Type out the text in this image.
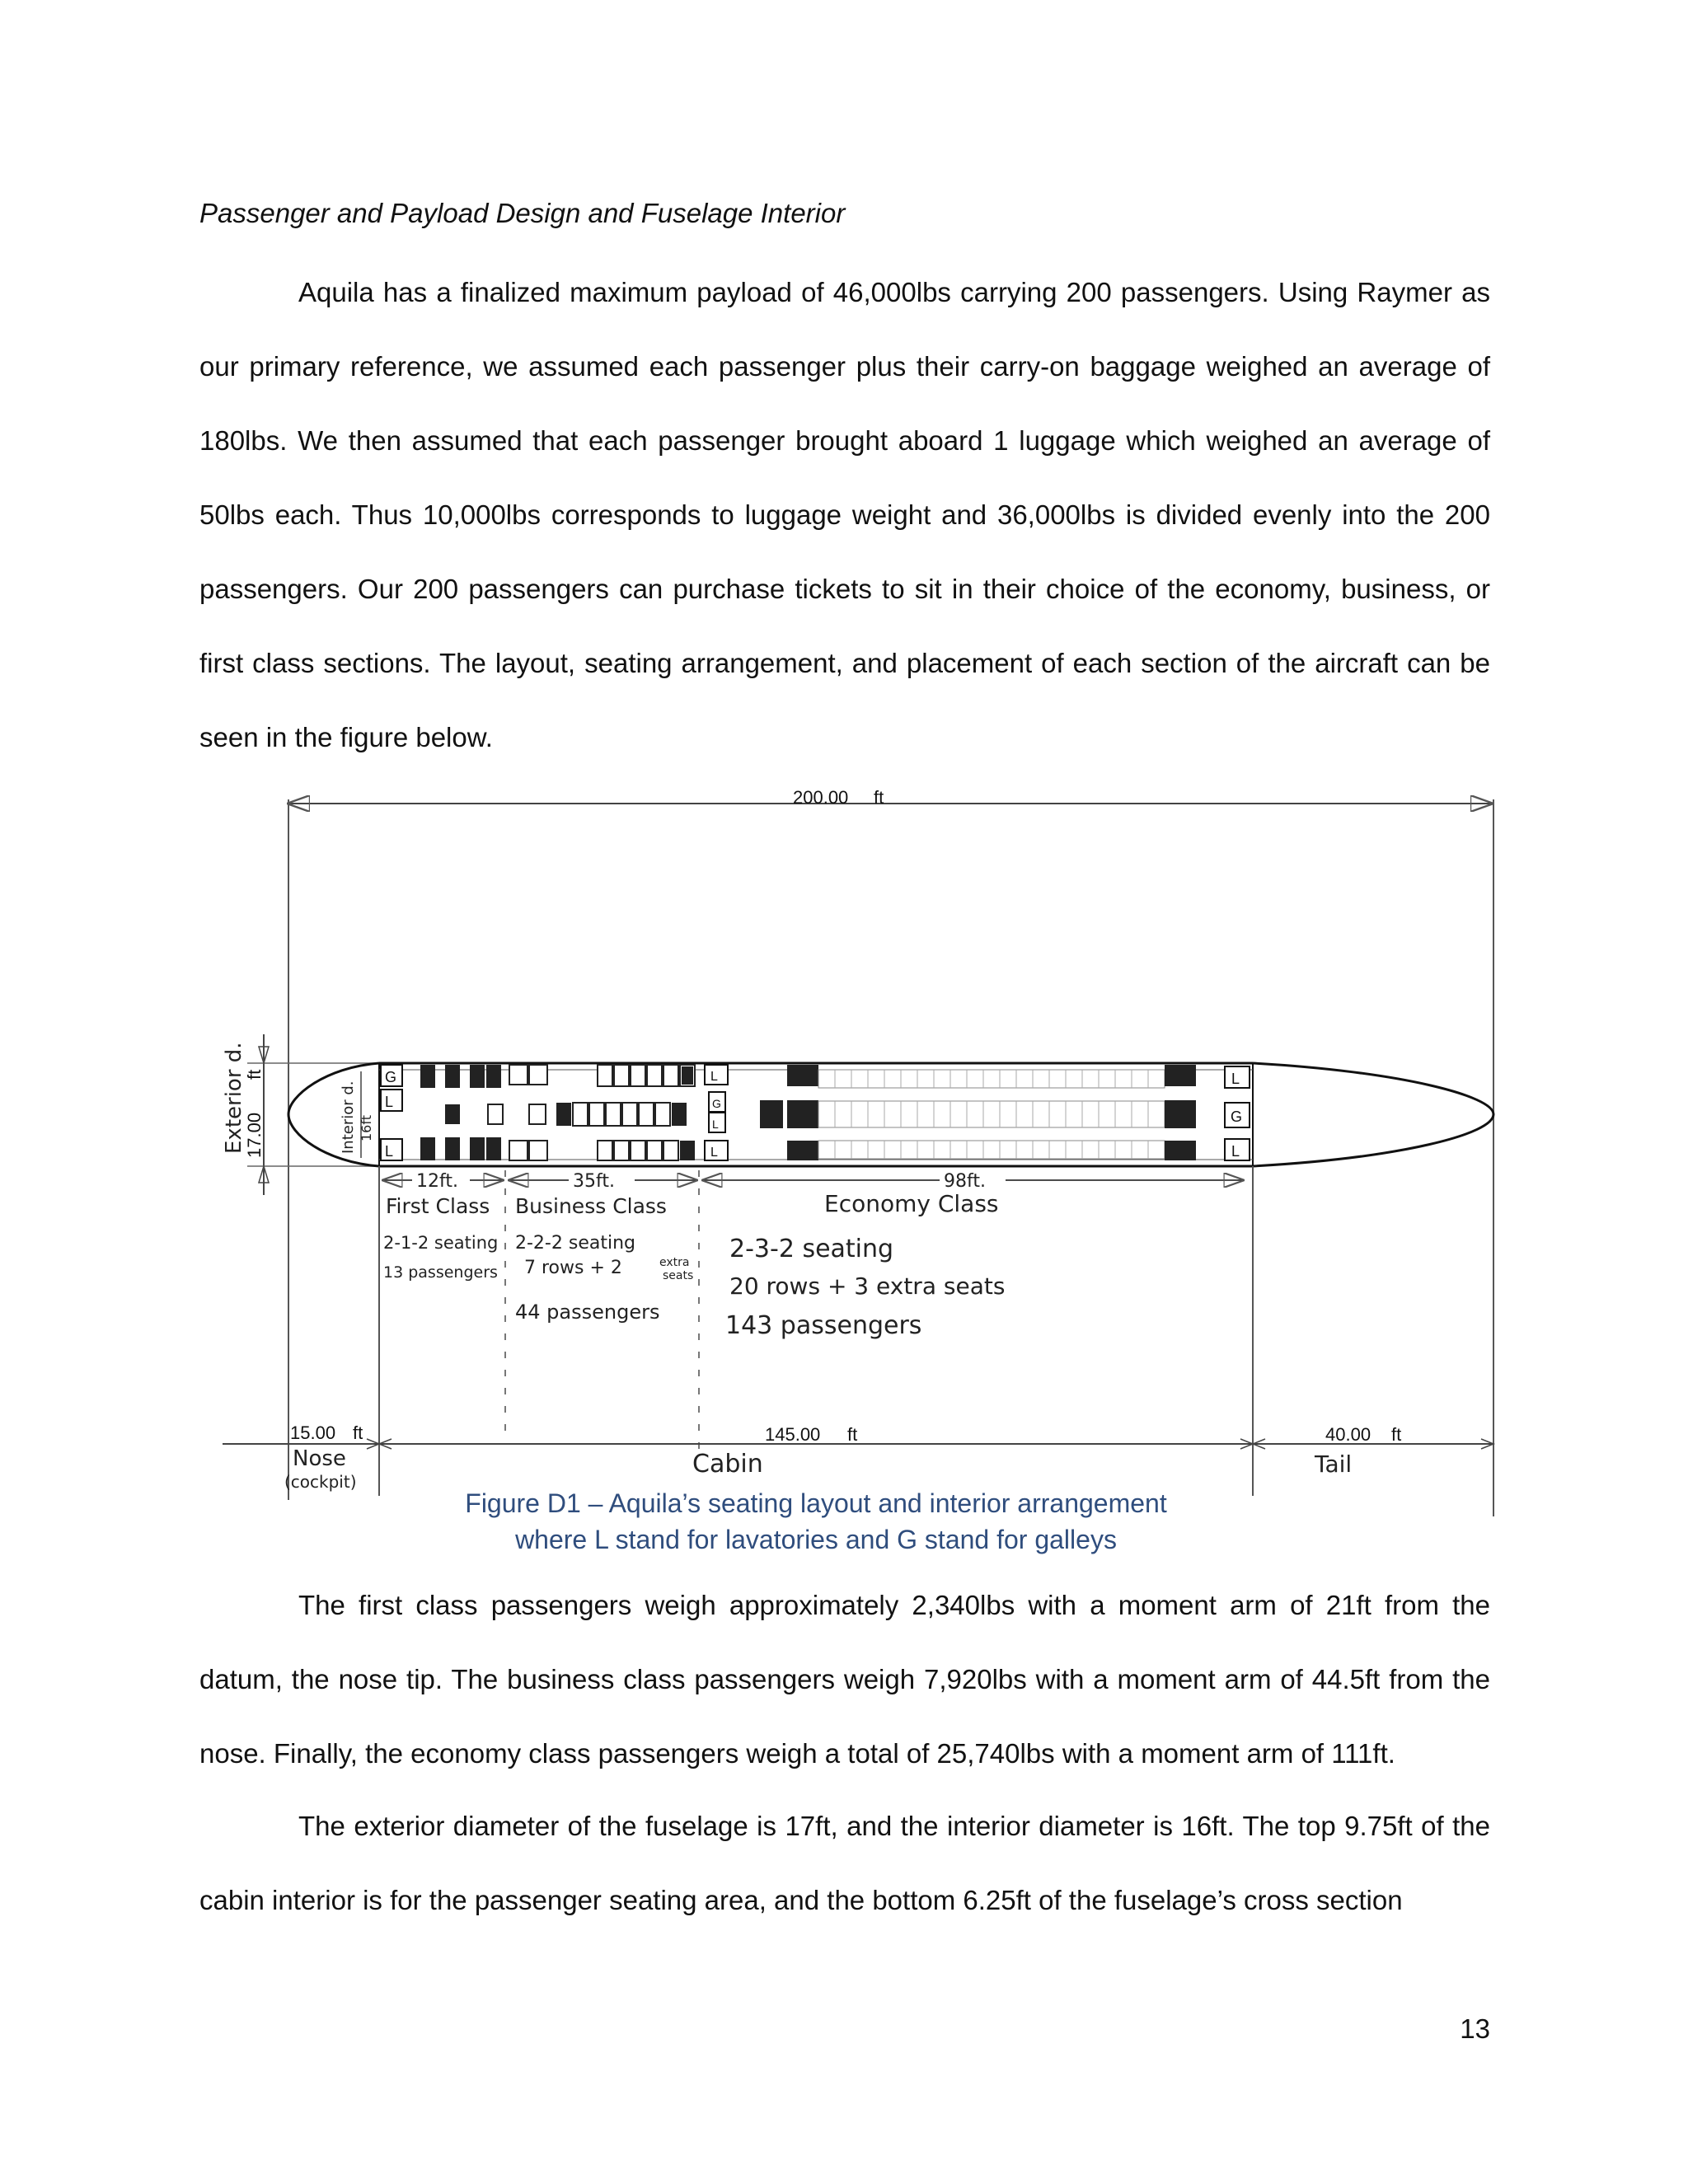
Passenger and Payload Design and Fuselage Interior

Aquila has a finalized maximum payload of 46,000lbs carrying 200 passengers. Using Raymer as our primary reference, we assumed each passenger plus their carry-on baggage weighed an average of 180lbs. We then assumed that each passenger brought aboard 1 luggage which weighed an average of 50lbs each. Thus 10,000lbs corresponds to luggage weight and 36,000lbs is divided evenly into the 200 passengers. Our 200 passengers can purchase tickets to sit in their choice of the economy, business, or first class sections. The layout, seating arrangement, and placement of each section of the aircraft can be seen in the figure below.

200.00 ft
Exterior d.
17.00
ft
Interior d. 16ft
G
L
L
L
G
L
L
L
G
L
12ft.	35ft.	98ft.
First Class Business Class	Economy Class
2-1-2 seating
13 passengers
2-2-2 seating
7 rows + 2	extra
seats
44 passengers
2-3-2 seating
20 rows + 3 extra seats
143 passengers
15.00 ft
Nose
(cockpit)
145.00 ft
Cabin
40.00 ft
Tail
Figure D1 – Aquila’s seating layout and interior arrangement
where L stand for lavatories and G stand for galleys

The first class passengers weigh approximately 2,340lbs with a moment arm of 21ft from the datum, the nose tip. The business class passengers weigh 7,920lbs with a moment arm of 44.5ft from the nose. Finally, the economy class passengers weigh a total of 25,740lbs with a moment arm of 111ft.

The exterior diameter of the fuselage is 17ft, and the interior diameter is 16ft. The top 9.75ft of the cabin interior is for the passenger seating area, and the bottom 6.25ft of the fuselage’s cross section

13
